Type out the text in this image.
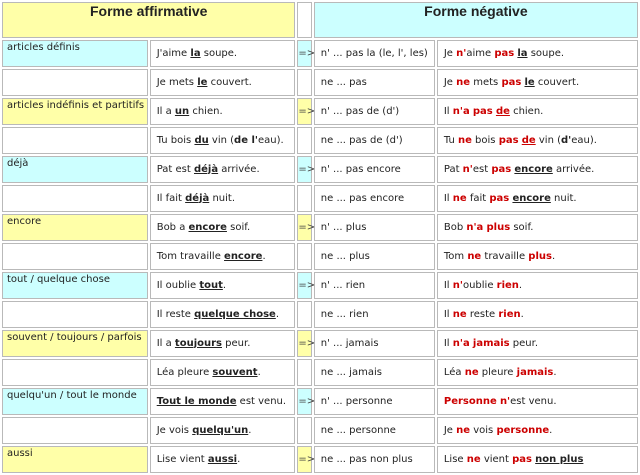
Forme affirmative			Forme négative	
articles définis	J'aime la soupe.	=>	n' ... pas la (le, l', les)	Je n'aime pas la soupe.
	Je mets le couvert.		ne ... pas	Je ne mets pas le couvert.
articles indéfinis et partitifs	Il a un chien.	=>	n' ... pas de (d')	Il n'a pas de chien.
	Tu bois du vin (de l'eau).		ne ... pas de (d')	Tu ne bois pas de vin (d'eau).
déjà	Pat est déjà arrivée.	=>	n' ... pas encore	Pat n'est pas encore arrivée.
	Il fait déjà nuit.		ne ... pas encore	Il ne fait pas encore nuit.
encore	Bob a encore soif.	=>	n' ... plus	Bob n'a plus soif.
	Tom travaille encore.		ne ... plus	Tom ne travaille plus.
tout / quelque chose	Il oublie tout.	=>	n' ... rien	Il n'oublie rien.
	Il reste quelque chose.		ne ... rien	Il ne reste rien.
souvent / toujours / parfois	Il a toujours peur.	=>	n' ... jamais	Il n'a jamais peur.
	Léa pleure souvent.		ne ... jamais	Léa ne pleure jamais.
quelqu'un / tout le monde	Tout le monde est venu.	=>	n' ... personne	Personne n'est venu.
	Je vois quelqu'un.		ne ... personne	Je ne vois personne.
aussi	Lise vient aussi.	=>	ne ... pas non plus	Lise ne vient pas non plus
